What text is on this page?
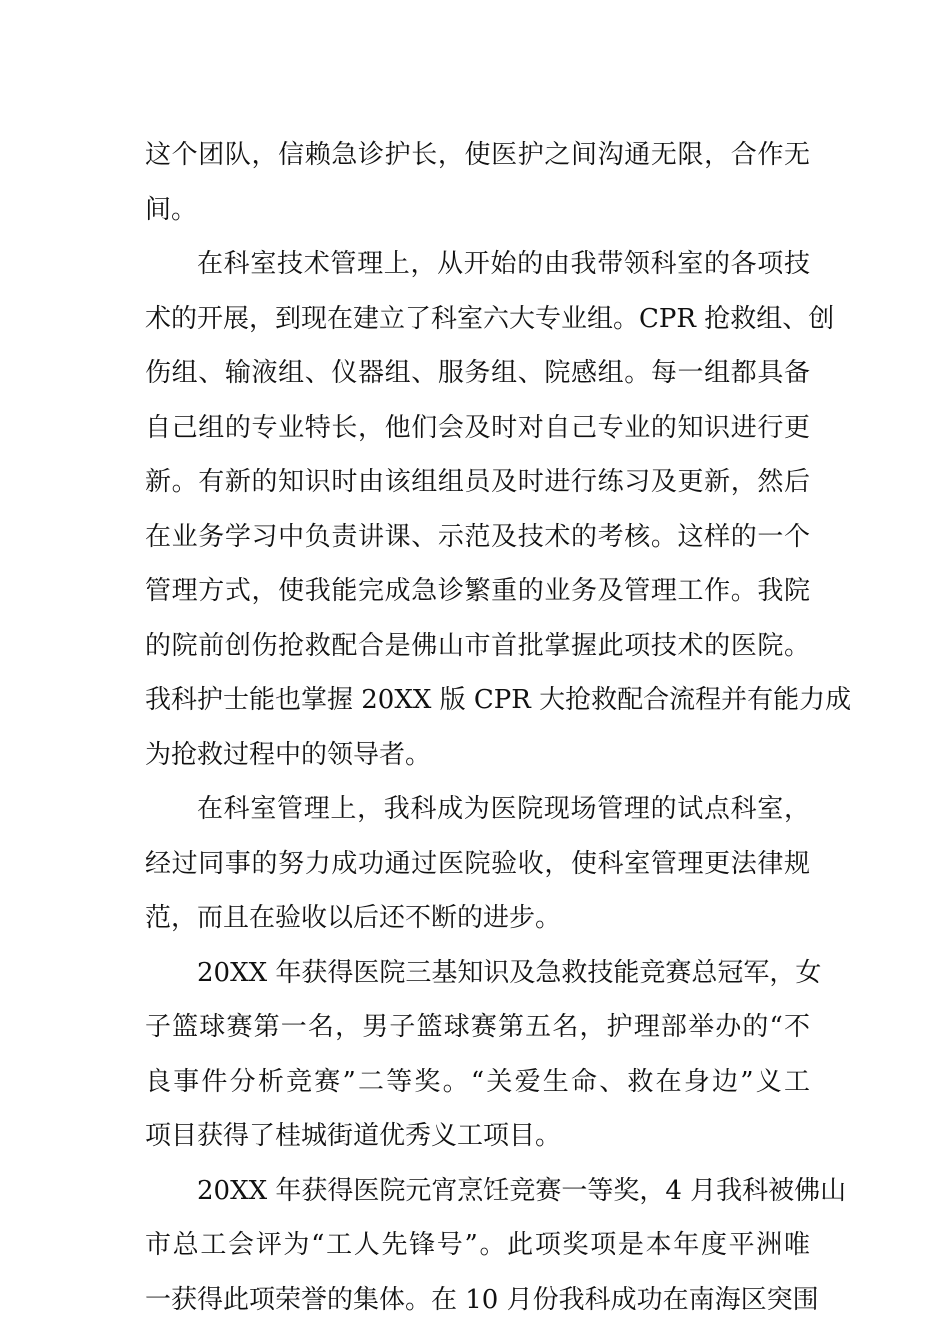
这个团队，信赖急诊护长，使医护之间沟通无限，合作无
间。
在科室技术管理上，从开始的由我带领科室的各项技
术的开展，到现在建立了科室六大专业组。CPR 抢救组、创
伤组、输液组、仪器组、服务组、院感组。每一组都具备
自己组的专业特长，他们会及时对自己专业的知识进行更
新。有新的知识时由该组组员及时进行练习及更新，然后
在业务学习中负责讲课、示范及技术的考核。这样的一个
管理方式，使我能完成急诊繁重的业务及管理工作。我院
的院前创伤抢救配合是佛山市首批掌握此项技术的医院。
我科护士能也掌握 20XX 版 CPR 大抢救配合流程并有能力成
为抢救过程中的领导者。
在科室管理上，我科成为医院现场管理的试点科室，
经过同事的努力成功通过医院验收，使科室管理更法律规
范，而且在验收以后还不断的进步。
20XX 年获得医院三基知识及急救技能竞赛总冠军，女
子篮球赛第一名，男子篮球赛第五名，护理部举办的“不
良事件分析竞赛”二等奖。“关爱生命、救在身边”义工
项目获得了桂城街道优秀义工项目。
20XX 年获得医院元宵烹饪竞赛一等奖，4 月我科被佛山
市总工会评为“工人先锋号”。此项奖项是本年度平洲唯
一获得此项荣誉的集体。在 10 月份我科成功在南海区突围
